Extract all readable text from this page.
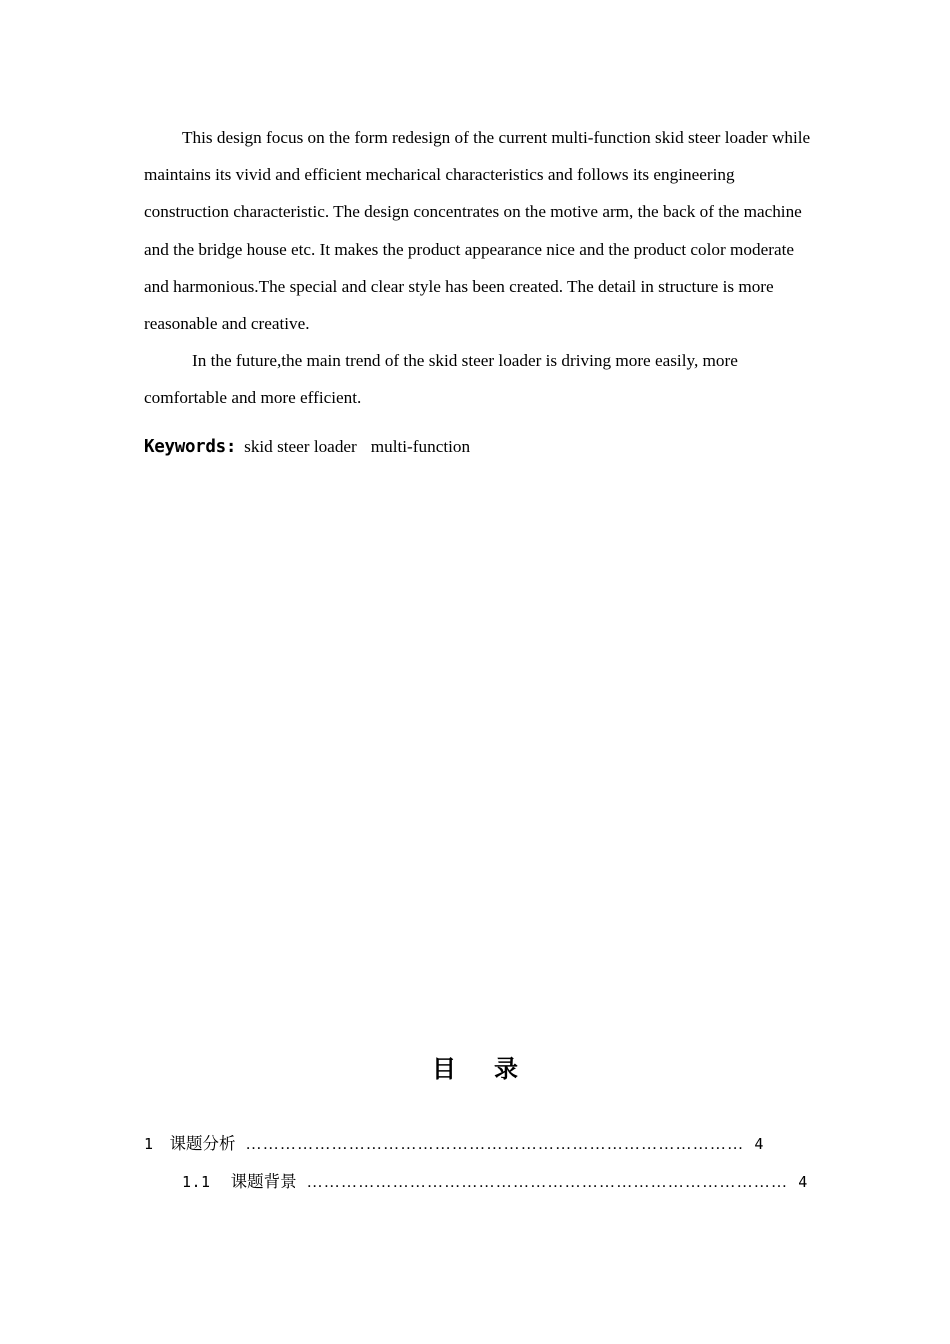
This design focus on the form redesign of the current multi-function skid steer loader while maintains its vivid and efficient mecharical characteristics and follows its engineering construction characteristic. The design concentrates on the motive arm, the back of the machine and the bridge house etc. It makes the product appearance nice and the product color moderate and harmonious.The special and clear style has been created. The detail in structure is more reasonable and creative.

In the future,the main trend of the skid steer loader is driving more easily, more comfortable and more efficient.

Keywords: skid steer loader multi-function
目 录
1 课题分析 …………………………………………………………………………… 4
1.1 课题背景 ………………………………………………………………………… 4
